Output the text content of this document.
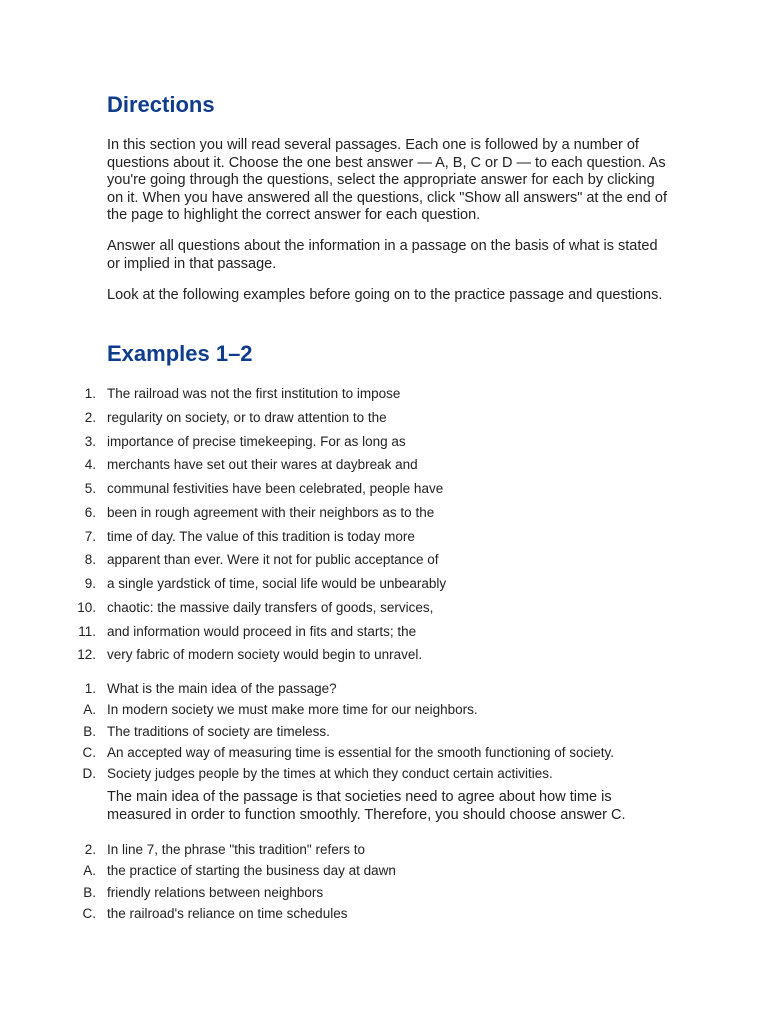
Directions

In this section you will read several passages. Each one is followed by a number of questions about it. Choose the one best answer — A, B, C or D — to each question. As you're going through the questions, select the appropriate answer for each by clicking on it. When you have answered all the questions, click "Show all answers" at the end of the page to highlight the correct answer for each question.

Answer all questions about the information in a passage on the basis of what is stated or implied in that passage.

Look at the following examples before going on to the practice passage and questions.

Examples 1–2
1. The railroad was not the first institution to impose
2. regularity on society, or to draw attention to the
3. importance of precise timekeeping. For as long as
4. merchants have set out their wares at daybreak and
5. communal festivities have been celebrated, people have
6. been in rough agreement with their neighbors as to the
7. time of day. The value of this tradition is today more
8. apparent than ever. Were it not for public acceptance of
9. a single yardstick of time, social life would be unbearably
10. chaotic: the massive daily transfers of goods, services,
11. and information would proceed in fits and starts; the
12. very fabric of modern society would begin to unravel.
1. What is the main idea of the passage?
A. In modern society we must make more time for our neighbors.
B. The traditions of society are timeless.
C. An accepted way of measuring time is essential for the smooth functioning of society.
D. Society judges people by the times at which they conduct certain activities.

The main idea of the passage is that societies need to agree about how time is measured in order to function smoothly. Therefore, you should choose answer C.

2. In line 7, the phrase "this tradition" refers to
A. the practice of starting the business day at dawn
B. friendly relations between neighbors
C. the railroad's reliance on time schedules
